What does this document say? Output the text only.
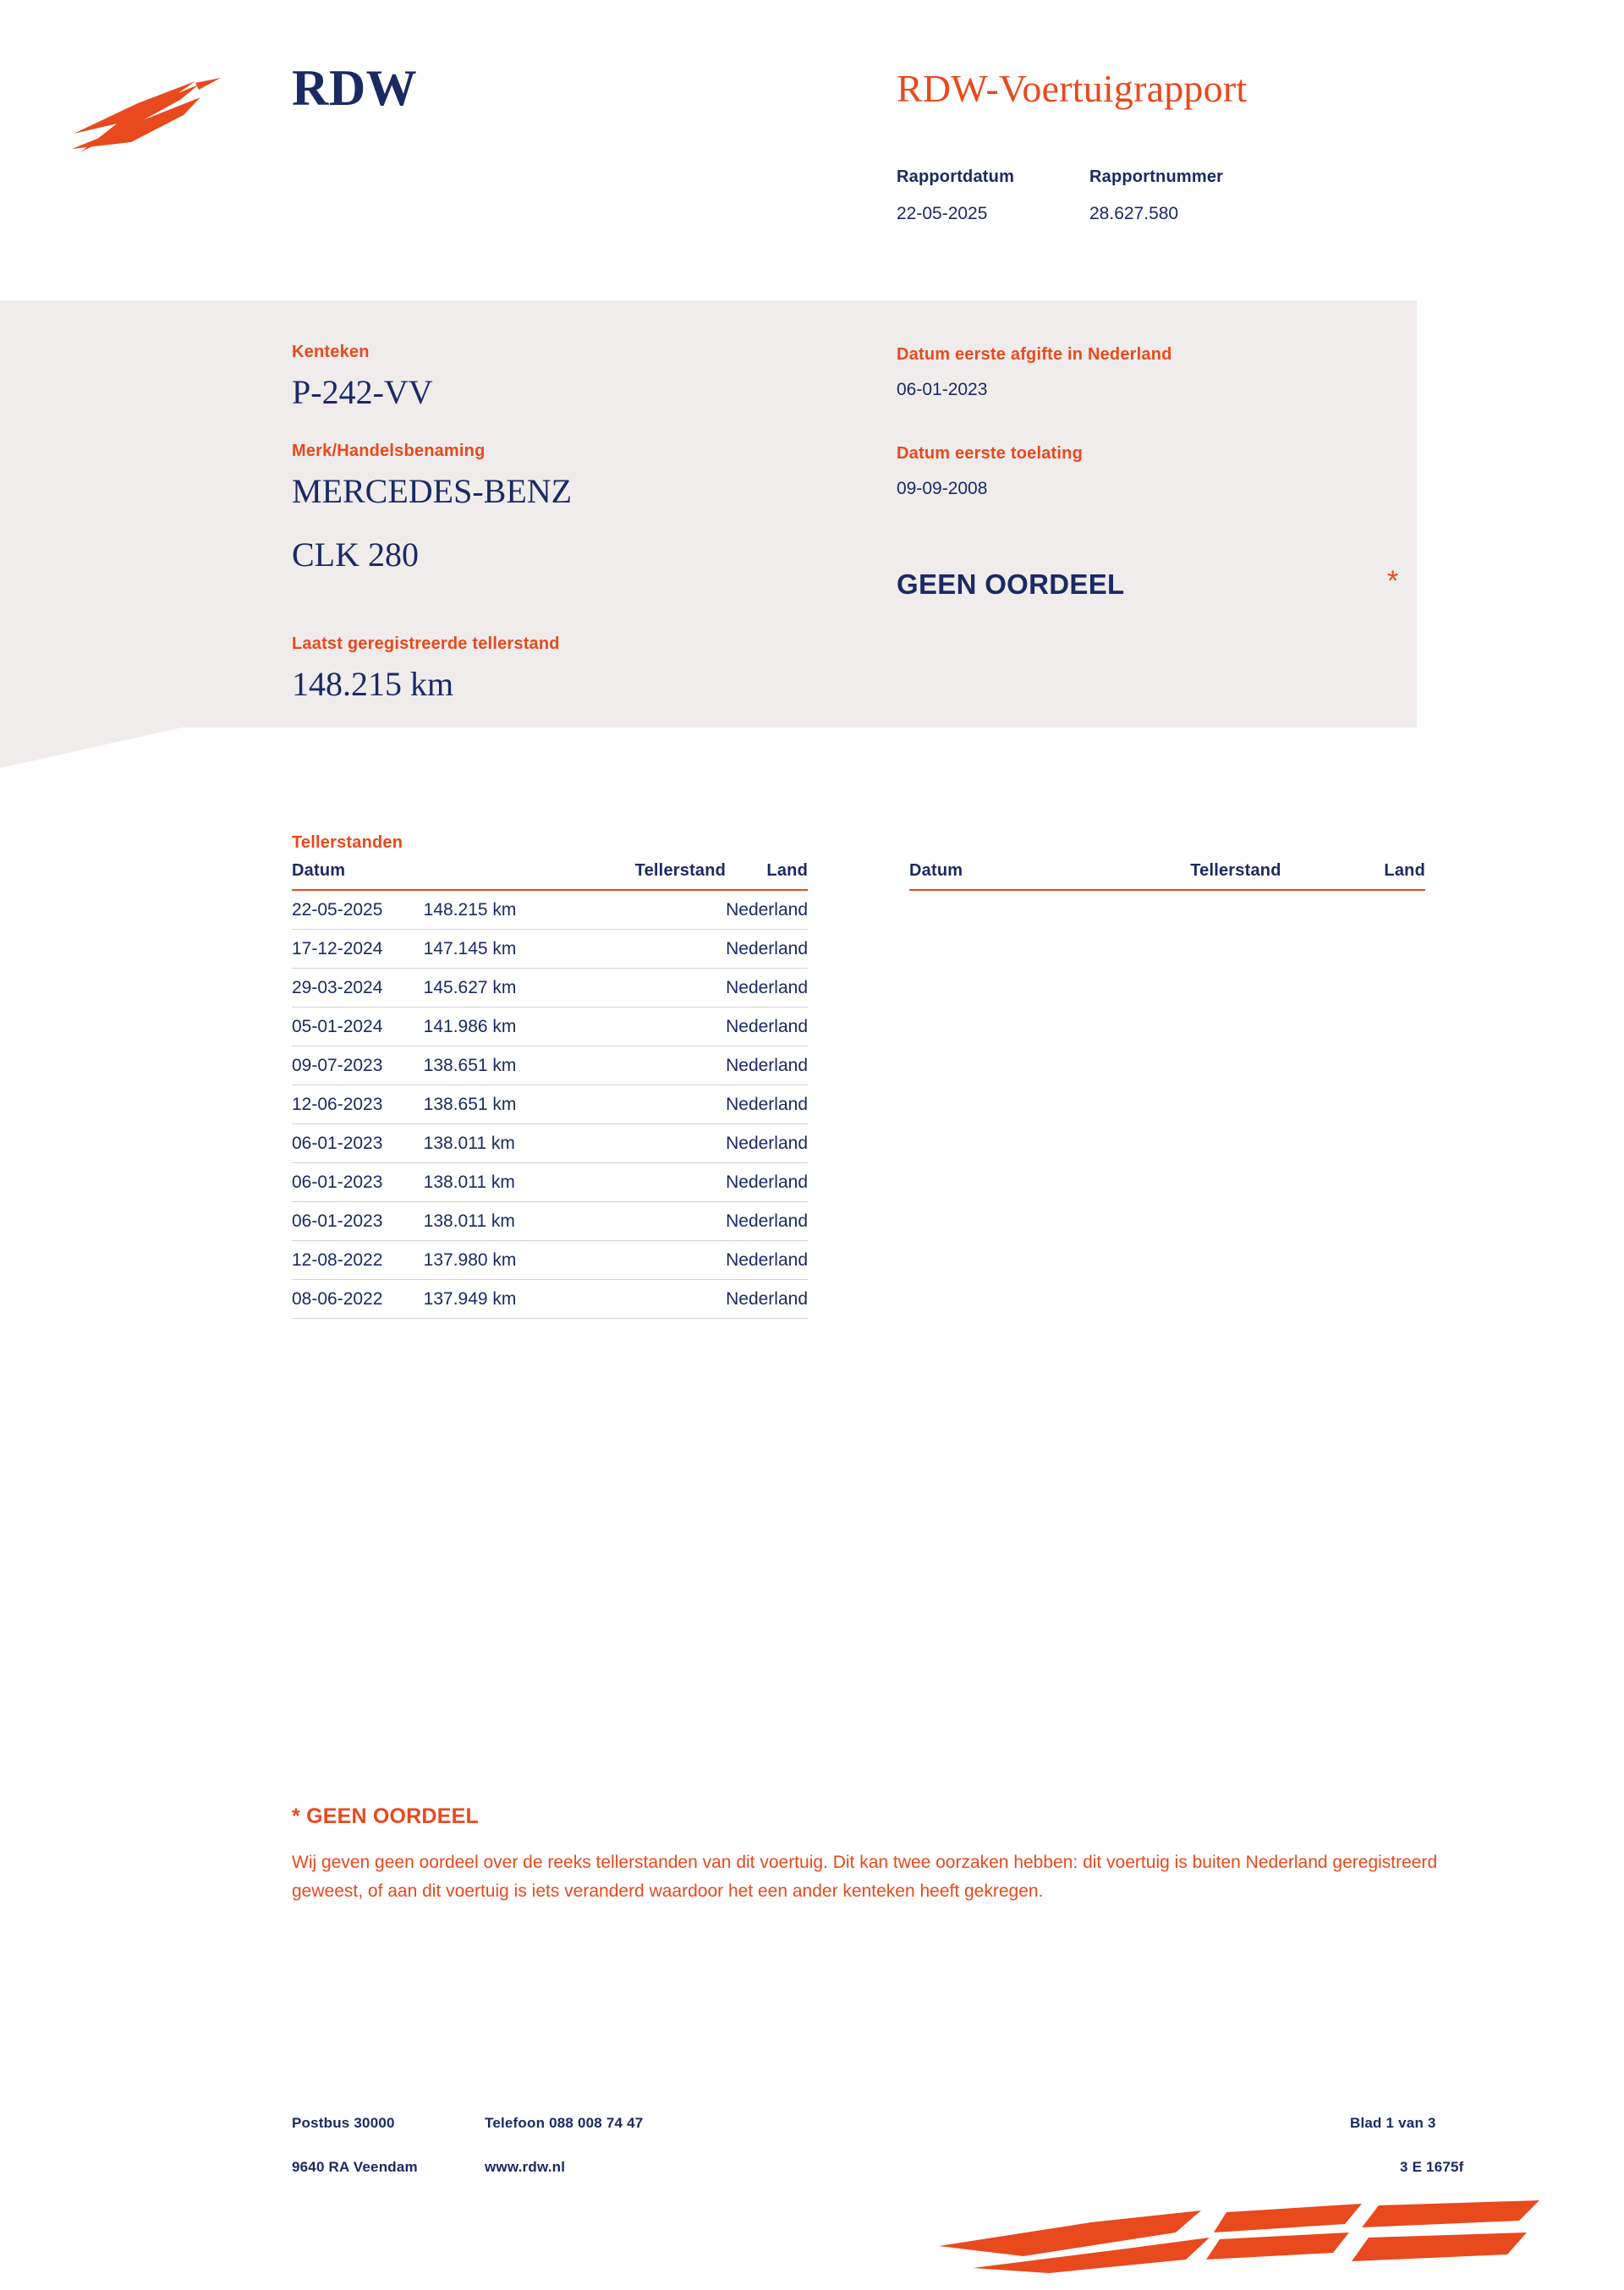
RDW	RDW-Voertuigrapport
Rapportdatum	Rapportnummer
22-05-2025	28.627.580
Kenteken
P-242-VV
Merk/Handelsbenaming
MERCEDES-BENZ
CLK 280
Laatst geregistreerde tellerstand
148.215 km
Datum eerste afgifte in Nederland
06-01-2023
Datum eerste toelating
09-09-2008
GEEN OORDEEL	*
Tellerstanden
Datum	Tellerstand	Land
22-05-2025	148.215 km	Nederland
17-12-2024	147.145 km	Nederland
29-03-2024	145.627 km	Nederland
05-01-2024	141.986 km	Nederland
09-07-2023	138.651 km	Nederland
12-06-2023	138.651 km	Nederland
06-01-2023	138.011 km	Nederland
06-01-2023	138.011 km	Nederland
06-01-2023	138.011 km	Nederland
12-08-2022	137.980 km	Nederland
08-06-2022	137.949 km	Nederland
Datum	Tellerstand	Land
* GEEN OORDEEL
Wij geven geen oordeel over de reeks tellerstanden van dit voertuig. Dit kan twee oorzaken hebben: dit voertuig is buiten Nederland geregistreerd geweest, of aan dit voertuig is iets veranderd waardoor het een ander kenteken heeft gekregen.
Postbus 30000
9640 RA Veendam
Telefoon 088 008 74 47
www.rdw.nl
Blad 1 van 3
3 E 1675f
